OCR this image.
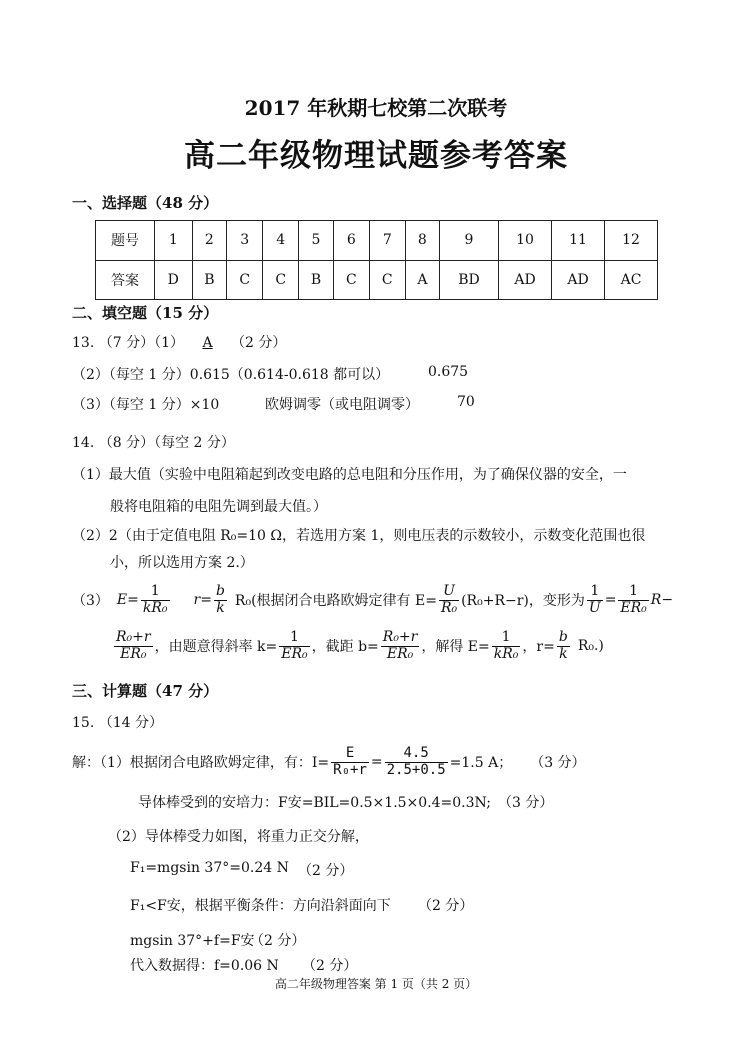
2017 年秋期七校第二次联考
高二年级物理试题参考答案
一、选择题（48 分）
题号	1	2	3	4	5	6	7	8	9	10	11	12
答案	D	B	C	C	B	C	C	A	BD	AD	AD	AC
二、填空题（15 分）
13. （7 分）（1） A （2 分）
（2）（每空 1 分）0.615（0.614-0.618 都可以）	0.675
（3）（每空 1 分）×10	欧姆调零（或电阻调零）	70
14. （8 分）（每空 2 分）
（1）最大值（实验中电阻箱起到改变电路的总电阻和分压作用，为了确保仪器的安全，一
般将电阻箱的电阻先调到最大值。）
（2）2（由于定值电阻 R₀=10 Ω，若选用方案 1，则电压表的示数较小，示数变化范围也很
小，所以选用方案 2.）
（3） $E= \frac{1}{\text{kR₀}} r= \frac{b}{k} R_0$(根据闭合电路欧姆定律有 $E= \frac{U}{\text{R₀}} (R_0+R-r)$，变形为 $\frac{1}{U} = \frac{1}{\text{ER₀}} R-$
$\frac{\text{R₀+r}}{\text{ER₀}}$ ，由题意得斜率 $k= \frac{1}{\text{ER₀}}$ ，截距 $b= \frac{\text{R₀+r}}{\text{ER₀}}$ ，解得 $E= \frac{1}{\text{kR₀}}$ ，$r= \frac{b}{k} R_0$.)
三、计算题（47 分）
15. （14 分）
解：（1）根据闭合电路欧姆定律，有：$I= \frac{E}{\text{R₀+r}} = \frac{4.5}{2.5+0.5} =1.5$ A； （3 分）
导体棒受到的安培力：F安=BIL=0.5×1.5×0.4=0.3N; （3 分）
（2）导体棒受力如图，将重力正交分解，
F₁=mgsin 37°=0.24 N （2 分）
F₁<F安，根据平衡条件：方向沿斜面向下 （2 分）
mgsin 37°+f=F安
（2 分）
代入数据得：f=0.06 N （2 分）
高二年级物理答案 第 1 页（共 2 页）
